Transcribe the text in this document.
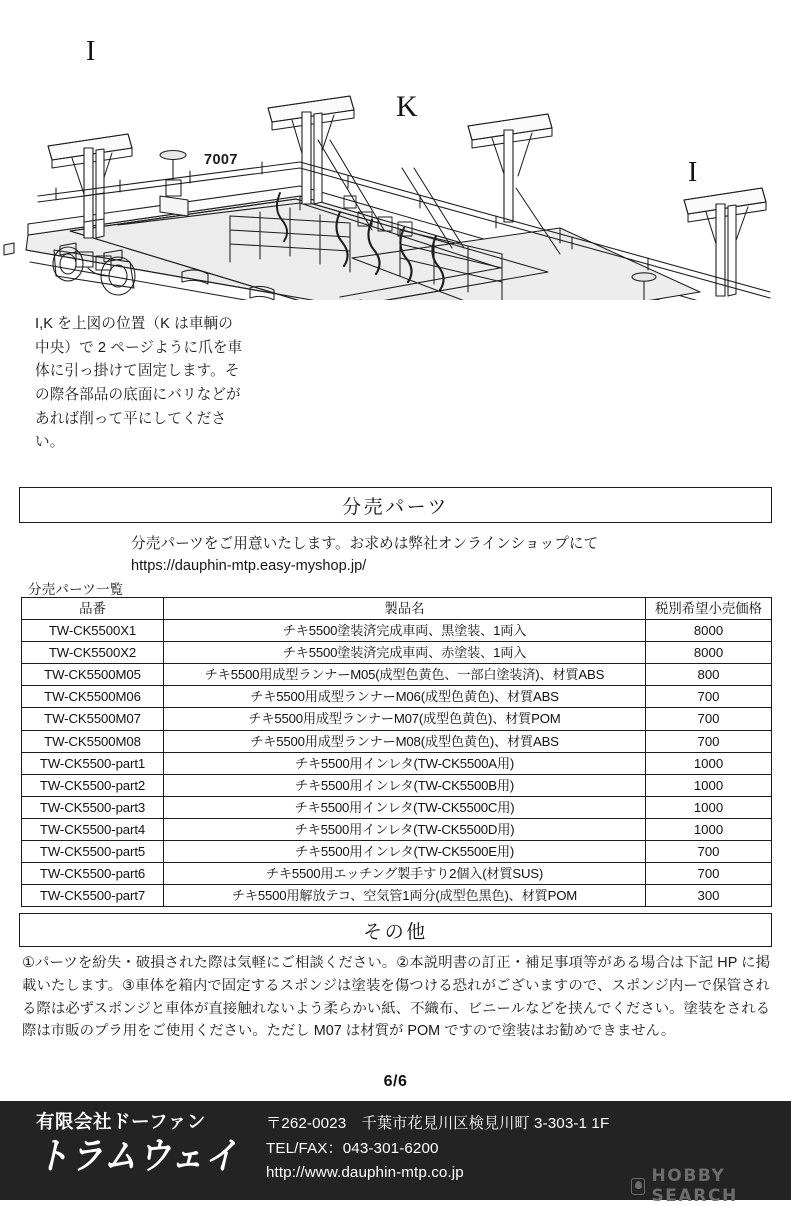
I
K
I
7007
I,K を上図の位置（K は車輌の中央）で 2 ページように爪を車体に引っ掛けて固定します。その際各部品の底面にバリなどがあれば削って平にしてください。
分売パーツ
分売パーツをご用意いたします。お求めは弊社オンラインショップにて
https://dauphin-mtp.easy-myshop.jp/
分売パーツ一覧
品番	製品名	税別希望小売価格
TW-CK5500X1	チキ5500塗装済完成車両、黒塗装、1両入	8000
TW-CK5500X2	チキ5500塗装済完成車両、赤塗装、1両入	8000
TW-CK5500M05	チキ5500用成型ランナーM05(成型色黄色、一部白塗装済)、材質ABS	800
TW-CK5500M06	チキ5500用成型ランナーM06(成型色黄色)、材質ABS	700
TW-CK5500M07	チキ5500用成型ランナーM07(成型色黄色)、材質POM	700
TW-CK5500M08	チキ5500用成型ランナーM08(成型色黄色)、材質ABS	700
TW-CK5500-part1	チキ5500用インレタ(TW-CK5500A用)	1000
TW-CK5500-part2	チキ5500用インレタ(TW-CK5500B用)	1000
TW-CK5500-part3	チキ5500用インレタ(TW-CK5500C用)	1000
TW-CK5500-part4	チキ5500用インレタ(TW-CK5500D用)	1000
TW-CK5500-part5	チキ5500用インレタ(TW-CK5500E用)	700
TW-CK5500-part6	チキ5500用エッチング製手すり2個入(材質SUS)	700
TW-CK5500-part7	チキ5500用解放テコ、空気管1両分(成型色黒色)、材質POM	300
その他
①パーツを紛失・破損された際は気軽にご相談ください。②本説明書の訂正・補足事項等がある場合は下記 HP に掲載いたします。③車体を箱内で固定するスポンジは塗装を傷つける恐れがございますので、スポンジ内ーで保管される際は必ずスポンジと車体が直接触れないよう柔らかい紙、不織布、ビニールなどを挟んでください。塗装をされる際は市販のプラ用をご使用ください。ただし M07 は材質が POM ですので塗装はお勧めできません。
6/6
有限会社ドーファン
トラムウェイ
〒262-0023　千葉市花見川区検見川町 3-303-1 1F
TEL/FAX：043-301-6200
http://www.dauphin-mtp.co.jp	HOBBY SEARCH
